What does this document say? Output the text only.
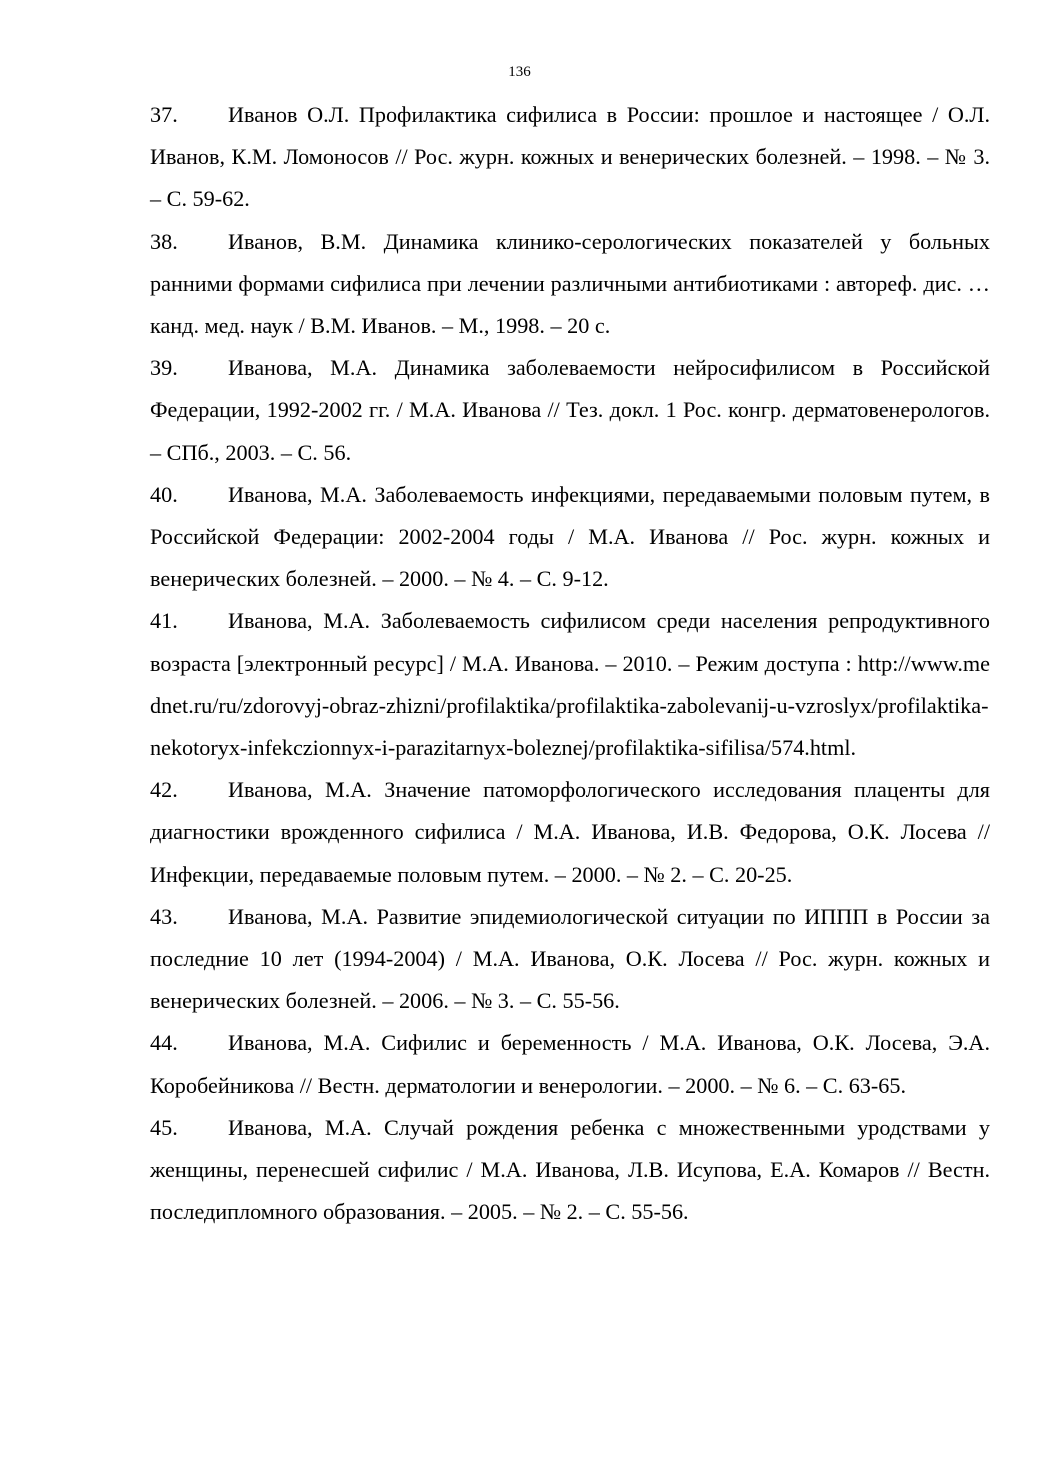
136

37. Иванов О.Л. Профилактика сифилиса в России: прошлое и настоящее / О.Л. Иванов, К.М. Ломоносов // Рос. журн. кожных и венерических болезней. – 1998. – № 3. – С. 59-62.

38. Иванов, В.М. Динамика клинико-серологических показателей у больных ранними формами сифилиса при лечении различными антибиотиками : автореф. дис. … канд. мед. наук / В.М. Иванов. – М., 1998. – 20 с.

39. Иванова, М.А. Динамика заболеваемости нейросифилисом в Российской Федерации, 1992-2002 гг. / М.А. Иванова // Тез. докл. 1 Рос. конгр. дерматовенерологов. – СПб., 2003. – С. 56.

40. Иванова, М.А. Заболеваемость инфекциями, передаваемыми половым путем, в Российской Федерации: 2002-2004 годы / М.А. Иванова // Рос. журн. кожных и венерических болезней. – 2000. – № 4. – С. 9-12.

41. Иванова, М.А. Заболеваемость сифилисом среди населения репродуктивного возраста [электронный ресурс] / М.А. Иванова. – 2010. – Режим доступа : http://www.mednet.ru/ru/zdorovyj-obraz-zhizni/profilaktika/profilaktika-zabolevanij-u-vzroslyx/profilaktika-nekotoryx-infekczionnyx-i-parazitarnyx-boleznej/profilaktika-sifilisa/574.html.

42. Иванова, М.А. Значение патоморфологического исследования плаценты для диагностики врожденного сифилиса / М.А. Иванова, И.В. Федорова, О.К. Лосева // Инфекции, передаваемые половым путем. – 2000. – № 2. – С. 20-25.

43. Иванова, М.А. Развитие эпидемиологической ситуации по ИППП в России за последние 10 лет (1994-2004) / М.А. Иванова, О.К. Лосева // Рос. журн. кожных и венерических болезней. – 2006. – № 3. – С. 55-56.

44. Иванова, М.А. Сифилис и беременность / М.А. Иванова, О.К. Лосева, Э.А. Коробейникова // Вестн. дерматологии и венерологии. – 2000. – № 6. – С. 63-65.

45. Иванова, М.А. Случай рождения ребенка с множественными уродствами у женщины, перенесшей сифилис / М.А. Иванова, Л.В. Исупова, Е.А. Комаров // Вестн. последипломного образования. – 2005. – № 2. – С. 55-56.
